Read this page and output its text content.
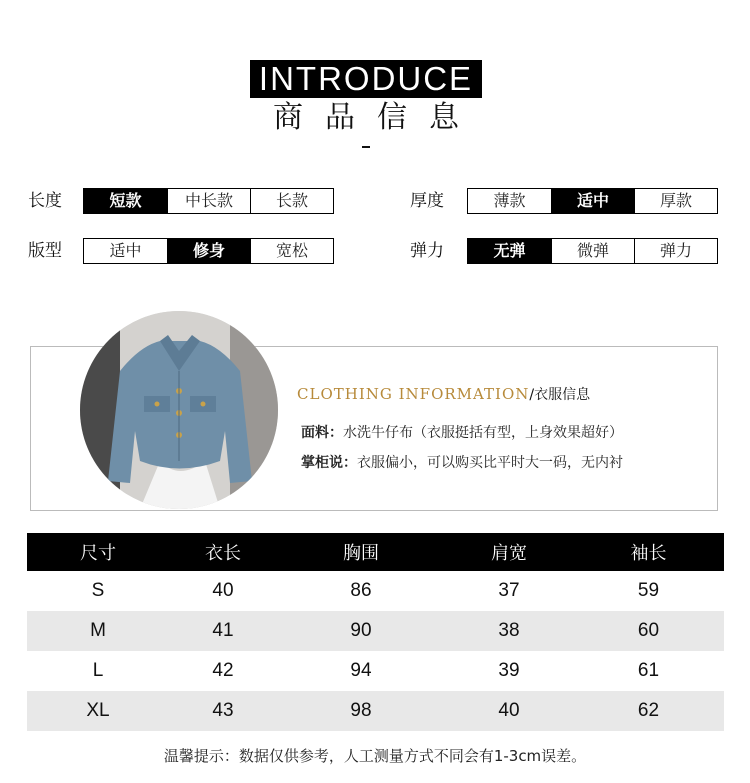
INTRODUCE
商品信息
长度	短款	中长款	长款	厚度	薄款	适中	厚款
版型	适中	修身	宽松	弹力	无弹	微弹	弹力
CLOTHING INFORMATION /衣服信息
面料：水洗牛仔布（衣服挺括有型，上身效果超好）
掌柜说：衣服偏小，可以购买比平时大一码，无内衬
尺寸	衣长	胸围	肩宽	袖长
S	40	86	37	59
M	41	90	38	60
L	42	94	39	61
XL	43	98	40	62
温馨提示：数据仅供参考，人工测量方式不同会有1-3cm误差。
